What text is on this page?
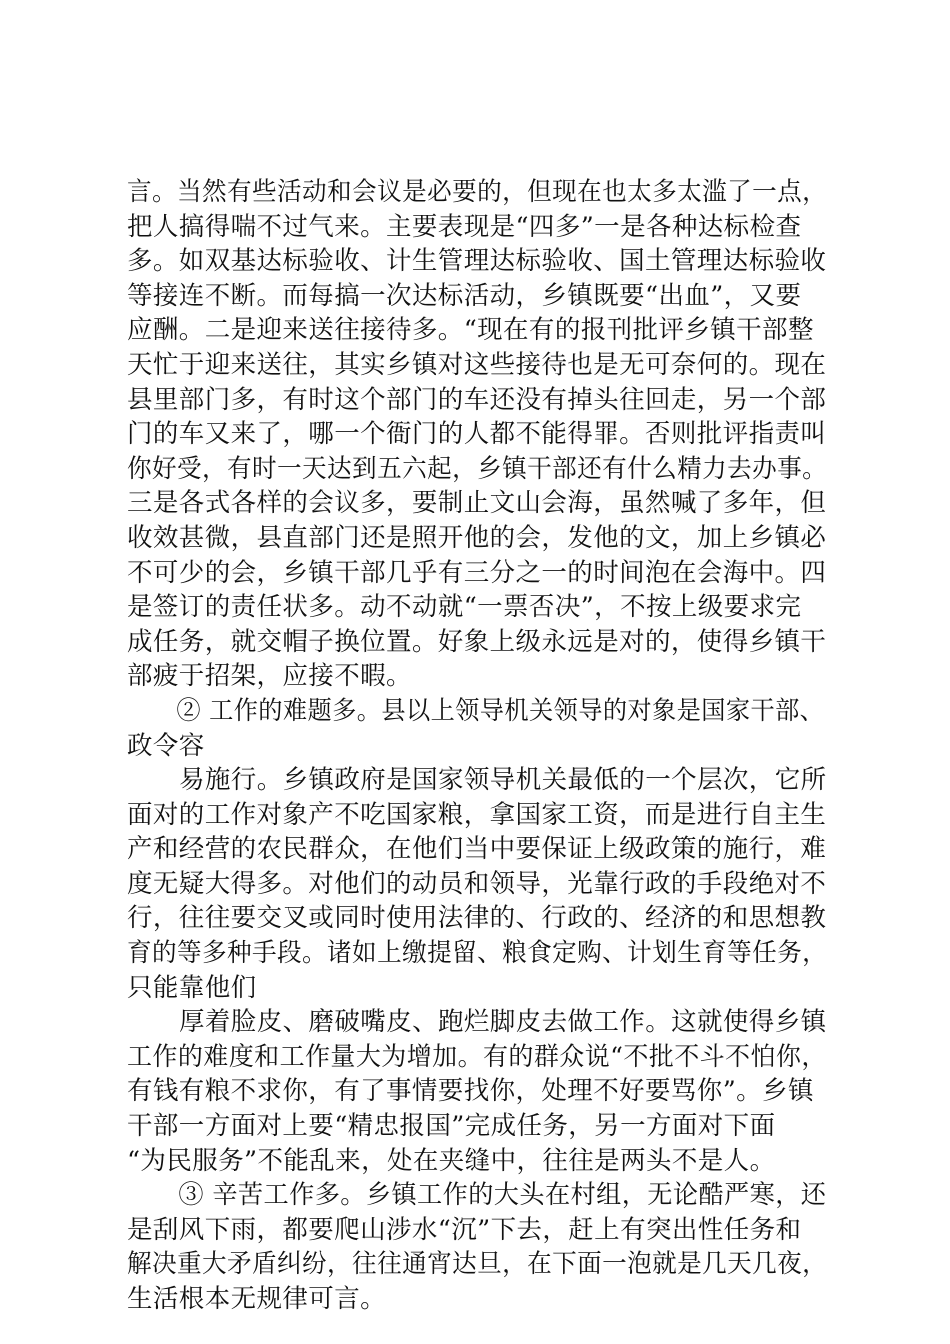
言。当然有些活动和会议是必要的，但现在也太多太滥了一点，
把人搞得喘不过气来。主要表现是“四多”一是各种达标检查
多。如双基达标验收、计生管理达标验收、国土管理达标验收
等接连不断。而每搞一次达标活动，乡镇既要“出血”，又要
应酬。二是迎来送往接待多。“现在有的报刊批评乡镇干部整
天忙于迎来送往，其实乡镇对这些接待也是无可奈何的。现在
县里部门多，有时这个部门的车还没有掉头往回走，另一个部
门的车又来了，哪一个衙门的人都不能得罪。否则批评指责叫
你好受，有时一天达到五六起，乡镇干部还有什么精力去办事。
三是各式各样的会议多，要制止文山会海，虽然喊了多年，但
收效甚微，县直部门还是照开他的会，发他的文，加上乡镇必
不可少的会，乡镇干部几乎有三分之一的时间泡在会海中。四
是签订的责任状多。动不动就“一票否决”，不按上级要求完
成任务，就交帽子换位置。好象上级永远是对的，使得乡镇干
部疲于招架，应接不暇。
② 工作的难题多。县以上领导机关领导的对象是国家干部、
政令容
易施行。乡镇政府是国家领导机关最低的一个层次，它所
面对的工作对象产不吃国家粮，拿国家工资，而是进行自主生
产和经营的农民群众，在他们当中要保证上级政策的施行，难
度无疑大得多。对他们的动员和领导，光靠行政的手段绝对不
行，往往要交叉或同时使用法律的、行政的、经济的和思想教
育的等多种手段。诸如上缴提留、粮食定购、计划生育等任务，
只能靠他们
厚着脸皮、磨破嘴皮、跑烂脚皮去做工作。这就使得乡镇
工作的难度和工作量大为增加。有的群众说“不批不斗不怕你，
有钱有粮不求你，有了事情要找你，处理不好要骂你”。乡镇
干部一方面对上要“精忠报国”完成任务，另一方面对下面
“为民服务”不能乱来，处在夹缝中，往往是两头不是人。
③ 辛苦工作多。乡镇工作的大头在村组，无论酷严寒，还
是刮风下雨，都要爬山涉水“沉”下去，赶上有突出性任务和
解决重大矛盾纠纷，往往通宵达旦，在下面一泡就是几天几夜，
生活根本无规律可言。
